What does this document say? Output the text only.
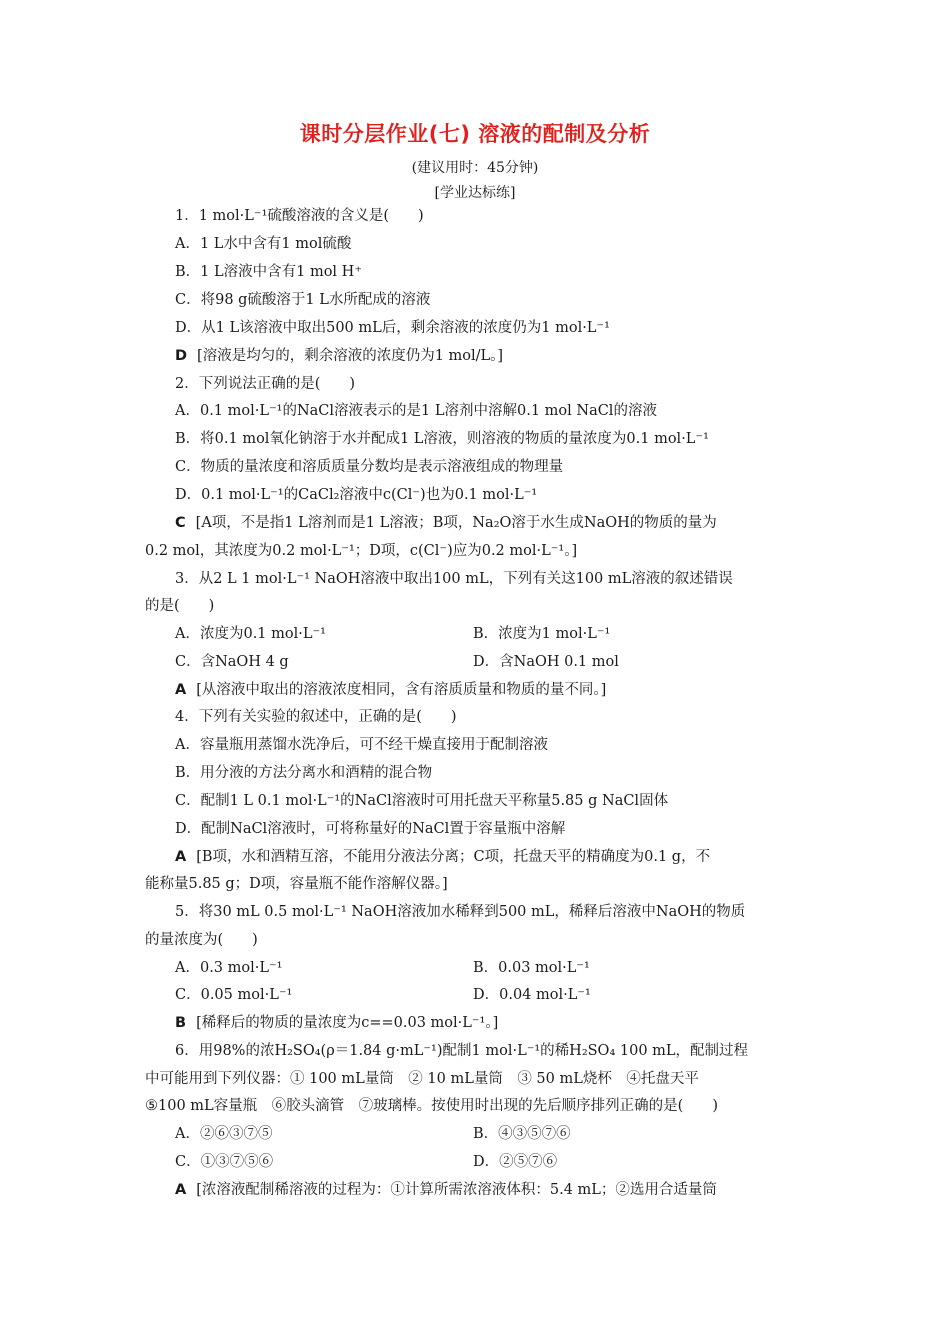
课时分层作业(七) 溶液的配制及分析
(建议用时：45分钟)
[学业达标练]
1．1 mol·L⁻¹硫酸溶液的含义是(　　)
A．1 L水中含有1 mol硫酸
B．1 L溶液中含有1 mol H⁺
C．将98 g硫酸溶于1 L水所配成的溶液
D．从1 L该溶液中取出500 mL后，剩余溶液的浓度仍为1 mol·L⁻¹
D [溶液是均匀的，剩余溶液的浓度仍为1 mol/L。]
2．下列说法正确的是(　　)
A．0.1 mol·L⁻¹的NaCl溶液表示的是1 L溶剂中溶解0.1 mol NaCl的溶液
B．将0.1 mol氧化钠溶于水并配成1 L溶液，则溶液的物质的量浓度为0.1 mol·L⁻¹
C．物质的量浓度和溶质质量分数均是表示溶液组成的物理量
D．0.1 mol·L⁻¹的CaCl₂溶液中c(Cl⁻)也为0.1 mol·L⁻¹
C [A项，不是指1 L溶剂而是1 L溶液；B项，Na₂O溶于水生成NaOH的物质的量为
0.2 mol，其浓度为0.2 mol·L⁻¹；D项，c(Cl⁻)应为0.2 mol·L⁻¹。]
3．从2 L 1 mol·L⁻¹ NaOH溶液中取出100 mL，下列有关这100 mL溶液的叙述错误
的是(　　)
A．浓度为0.1 mol·L⁻¹	B．浓度为1 mol·L⁻¹
C．含NaOH 4 g	D．含NaOH 0.1 mol
A [从溶液中取出的溶液浓度相同，含有溶质质量和物质的量不同。]
4．下列有关实验的叙述中，正确的是(　　)
A．容量瓶用蒸馏水洗净后，可不经干燥直接用于配制溶液
B．用分液的方法分离水和酒精的混合物
C．配制1 L 0.1 mol·L⁻¹的NaCl溶液时可用托盘天平称量5.85 g NaCl固体
D．配制NaCl溶液时，可将称量好的NaCl置于容量瓶中溶解
A [B项，水和酒精互溶，不能用分液法分离；C项，托盘天平的精确度为0.1 g，不
能称量5.85 g；D项，容量瓶不能作溶解仪器。]
5．将30 mL 0.5 mol·L⁻¹ NaOH溶液加水稀释到500 mL，稀释后溶液中NaOH的物质
的量浓度为(　　)
A．0.3 mol·L⁻¹	B．0.03 mol·L⁻¹
C．0.05 mol·L⁻¹	D．0.04 mol·L⁻¹
B [稀释后的物质的量浓度为c==0.03 mol·L⁻¹。]
6．用98%的浓H₂SO₄(ρ＝1.84 g·mL⁻¹)配制1 mol·L⁻¹的稀H₂SO₄ 100 mL，配制过程
中可能用到下列仪器：① 100 mL量筒　② 10 mL量筒　③ 50 mL烧杯　④托盘天平
⑤100 mL容量瓶　⑥胶头滴管　⑦玻璃棒。按使用时出现的先后顺序排列正确的是(　　)
A．②⑥③⑦⑤	B．④③⑤⑦⑥
C．①③⑦⑤⑥	D．②⑤⑦⑥
A [浓溶液配制稀溶液的过程为：①计算所需浓溶液体积：5.4 mL；②选用合适量筒
